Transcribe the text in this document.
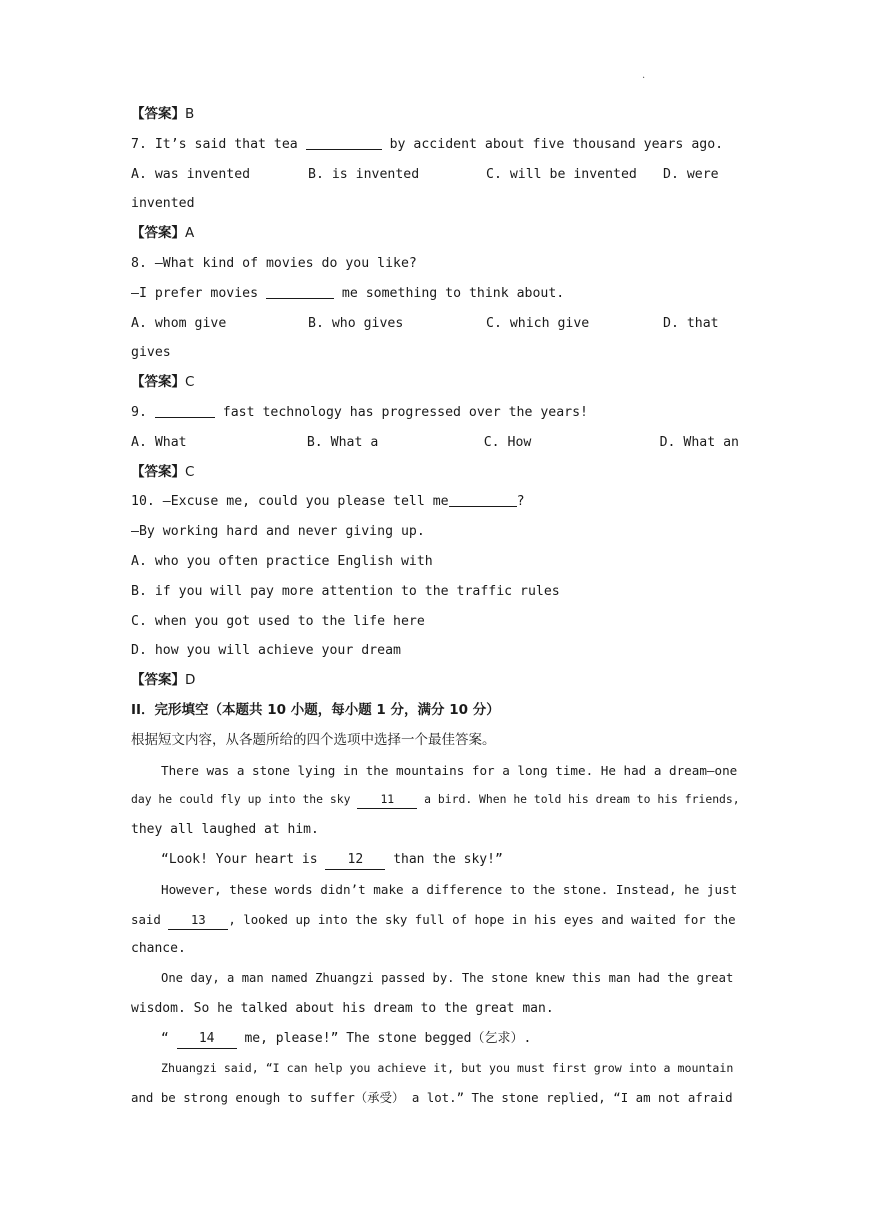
.
【答案】B
7. It’s said that tea	by accident about five thousand years ago.
A. was invented	B. is invented	C. will be invented	D. were
invented
【答案】A
8. —What kind of movies do you like?
—I prefer movies	me something to think about.
A. whom give	B. who gives	C. which give	D. that
gives
【答案】C
9.	fast technology has progressed over the years!
A. What	B. What a	C. How	D. What an
【答案】C
10. —Excuse me, could you please tell me	?
—By working hard and never giving up.
A. who you often practice English with
B. if you will pay more attention to the traffic rules
C. when you got used to the life here
D. how you will achieve your dream
【答案】D
II．完形填空（本题共 10 小题，每小题 1 分，满分 10 分）
根据短文内容，从各题所给的四个选项中选择一个最佳答案。
There was a stone lying in the mountains for a long time. He had a dream—one
day he could fly up into the sky 11 a bird. When he told his dream to his friends,
they all laughed at him.
“Look! Your heart is 12 than the sky!”
However, these words didn’t make a difference to the stone. Instead, he just
said 13 , looked up into the sky full of hope in his eyes and waited for the
chance.
One day, a man named Zhuangzi passed by. The stone knew this man had the great
wisdom. So he talked about his dream to the great man.
“ 14 me, please!” The stone begged（乞求）.
Zhuangzi said, “I can help you achieve it, but you must first grow into a mountain
and be strong enough to suffer（承受） a lot.” The stone replied, “I am not afraid
